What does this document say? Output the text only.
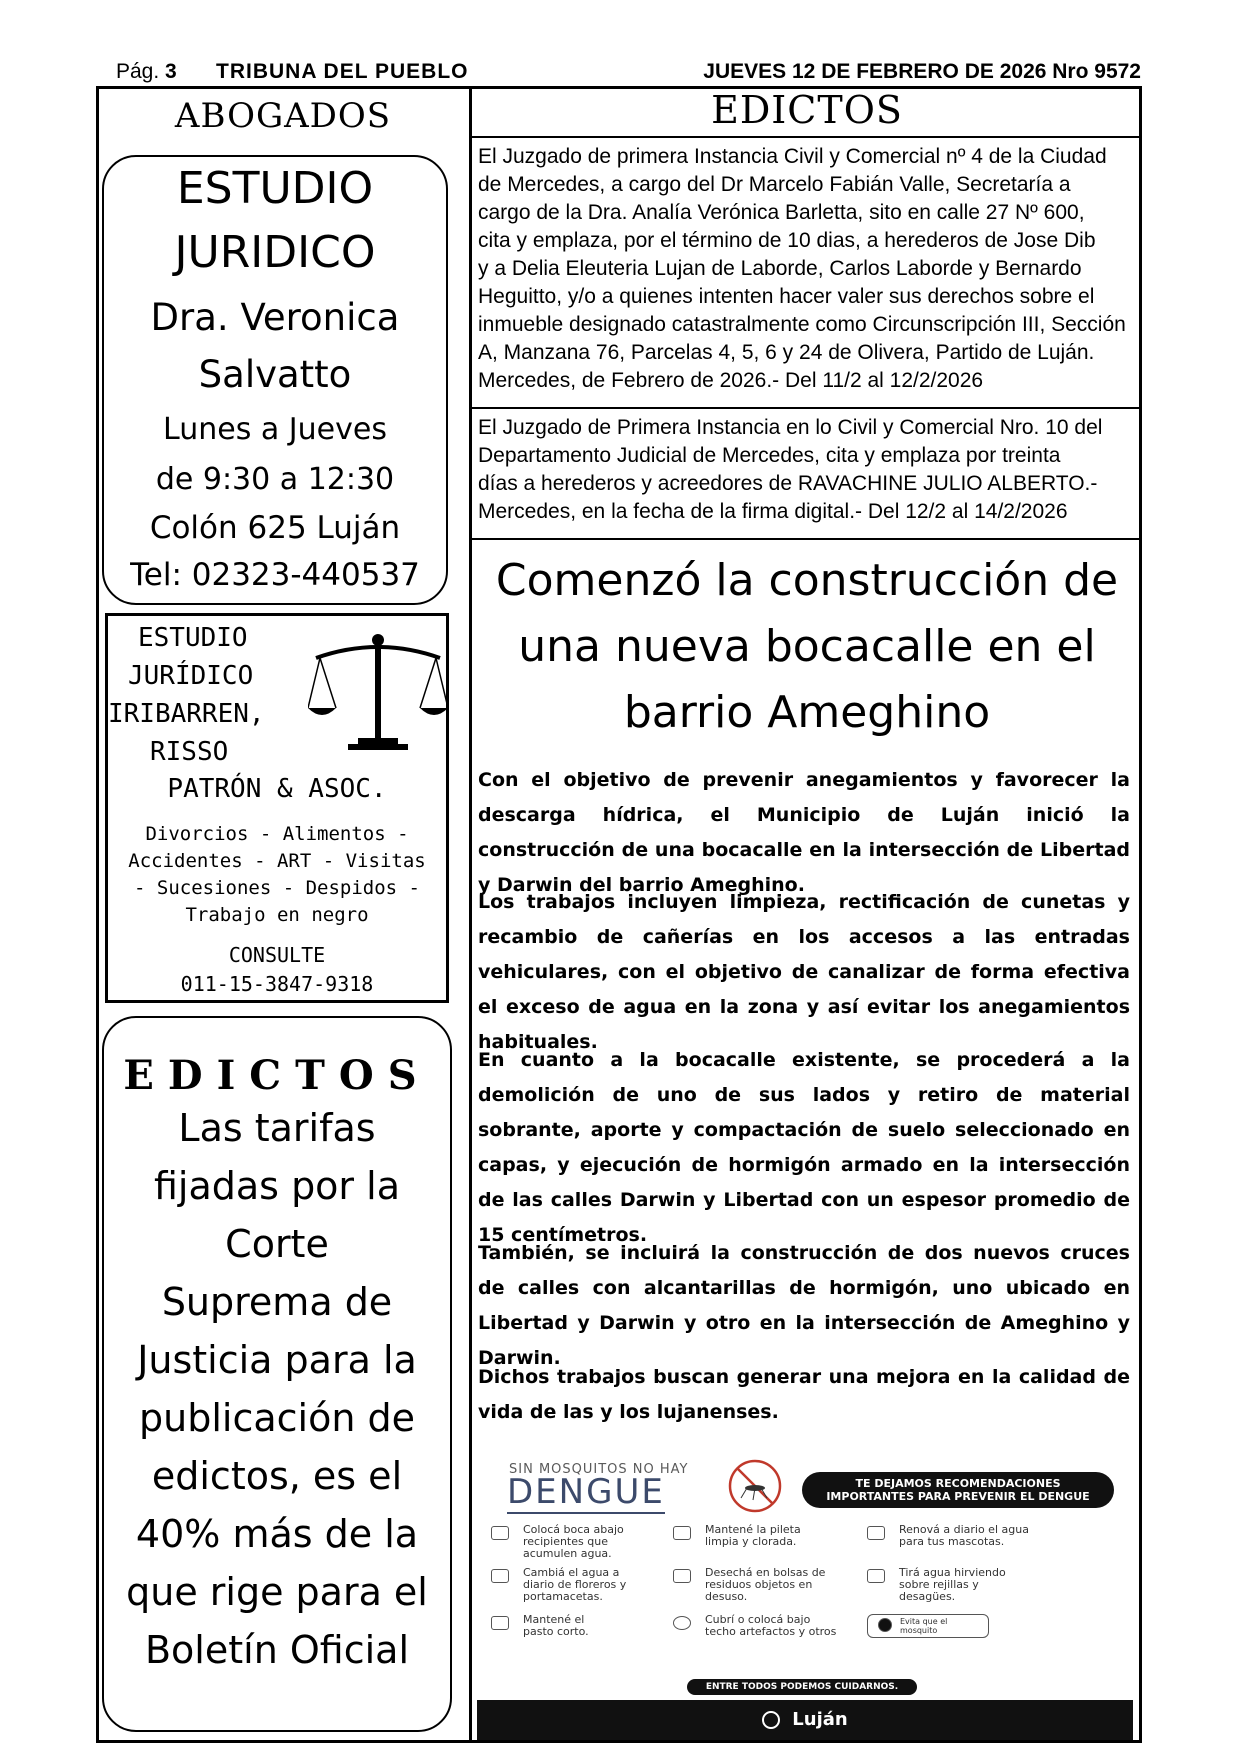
Pág. 3 TRIBUNA DEL PUEBLO	JUEVES 12 DE FEBRERO DE 2026 Nro 9572
ABOGADOS
ESTUDIO
JURIDICO
Dra. Veronica
Salvatto
Lunes a Jueves
de 9:30 a 12:30
Colón 625 Luján
Tel: 02323-440537
ESTUDIO
JURÍDICO
IRIBARREN,
RISSO
PATRÓN & ASOC.
Divorcios - Alimentos -
Accidentes - ART - Visitas
- Sucesiones - Despidos -
Trabajo en negro
CONSULTE
011-15-3847-9318
EDICTOS
Las tarifas
fijadas por la
Corte
Suprema de
Justicia para la
publicación de
edictos, es el
40% más de la
que rige para el
Boletín Oficial
EDICTOS
El Juzgado de primera Instancia Civil y Comercial nº 4 de la Ciudad
de Mercedes, a cargo del Dr Marcelo Fabián Valle, Secretaría a
cargo de la Dra. Analía Verónica Barletta, sito en calle 27 Nº 600,
cita y emplaza, por el término de 10 dias, a herederos de Jose Dib
y a Delia Eleuteria Lujan de Laborde, Carlos Laborde y Bernardo
Heguitto, y/o a quienes intenten hacer valer sus derechos sobre el
inmueble designado catastralmente como Circunscripción III, Sección
A, Manzana 76, Parcelas 4, 5, 6 y 24 de Olivera, Partido de Luján.
Mercedes, de Febrero de 2026.- Del 11/2 al 12/2/2026
El Juzgado de Primera Instancia en lo Civil y Comercial Nro. 10 del
Departamento Judicial de Mercedes, cita y emplaza por treinta
días a herederos y acreedores de RAVACHINE JULIO ALBERTO.-
Mercedes, en la fecha de la firma digital.- Del 12/2 al 14/2/2026
Comenzó la construcción de
una nueva bocacalle en el
barrio Ameghino
Con el objetivo de prevenir anegamientos y favorecer la descarga hídrica, el Municipio de Luján inició la construcción de una bocacalle en la intersección de Libertad y Darwin del barrio Ameghino.
Los trabajos incluyen limpieza, rectificación de cunetas y recambio de cañerías en los accesos a las entradas vehiculares, con el objetivo de canalizar de forma efectiva el exceso de agua en la zona y así evitar los anegamientos habituales.
En cuanto a la bocacalle existente, se procederá a la demolición de uno de sus lados y retiro de material sobrante, aporte y compactación de suelo seleccionado en capas, y ejecución de hormigón armado en la intersección de las calles Darwin y Libertad con un espesor promedio de 15 centímetros.
También, se incluirá la construcción de dos nuevos cruces de calles con alcantarillas de hormigón, uno ubicado en Libertad y Darwin y otro en la intersección de Ameghino y Darwin.
Dichos trabajos buscan generar una mejora en la calidad de vida de las y los lujanenses.
SIN MOSQUITOS NO HAY
DENGUE	TE DEJAMOS RECOMENDACIONES
IMPORTANTES PARA PREVENIR EL DENGUE
Colocá boca abajo
recipientes que
acumulen agua.
Mantené la pileta
limpia y clorada.
Renová a diario el agua
para tus mascotas.
Cambiá el agua a
diario de floreros y
portamacetas.
Desechá en bolsas de
residuos objetos en
desuso.
Tirá agua hirviendo
sobre rejillas y
desagües.
Mantené el
pasto corto.
Cubrí o colocá bajo
techo artefactos y otros
Evita que el
mosquito
ENTRE TODOS PODEMOS CUIDARNOS.
Luján
